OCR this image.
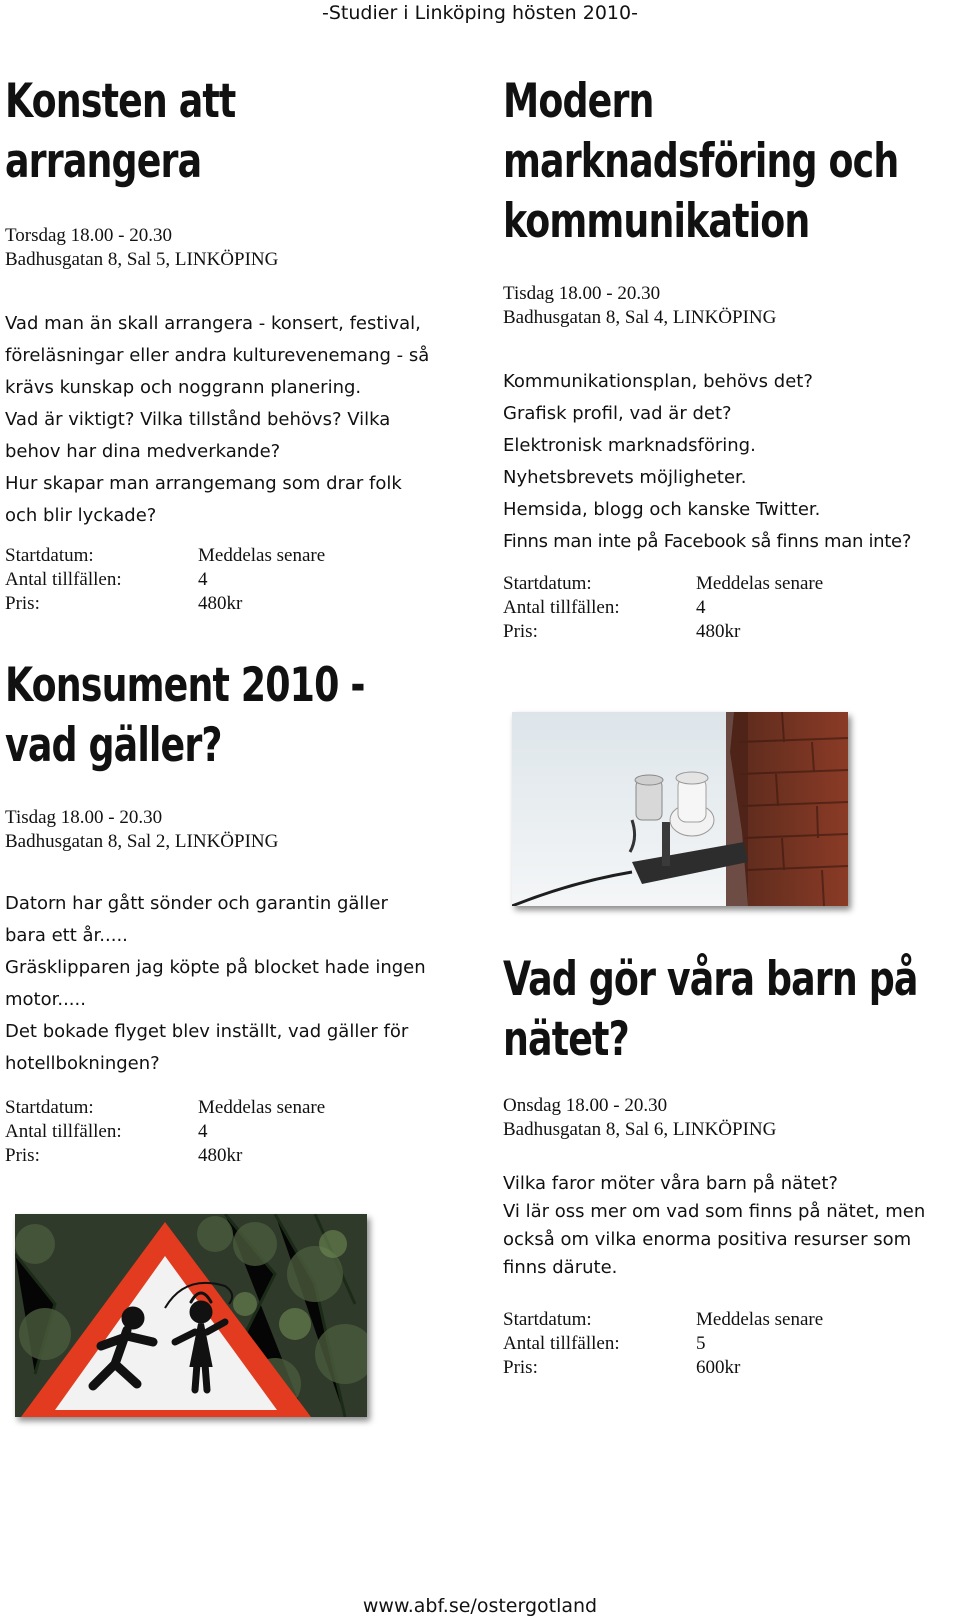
-Studier i Linköping hösten 2010-
Konsten att
arrangera
Torsdag 18.00 - 20.30
Badhusgatan 8, Sal 5, LINKÖPING
Vad man än skall arrangera - konsert, festival,
föreläsningar eller andra kulturevenemang - så
krävs kunskap och noggrann planering.
Vad är viktigt? Vilka tillstånd behövs? Vilka
behov har dina medverkande?
Hur skapar man arrangemang som drar folk
och blir lyckade?
Startdatum:	Meddelas senare
Antal tillfällen:	4
Pris:	480kr
Modern
marknadsföring och
kommunikation
Tisdag 18.00 - 20.30
Badhusgatan 8, Sal 4, LINKÖPING
Kommunikationsplan, behövs det?
Grafisk profil, vad är det?
Elektronisk marknadsföring.
Nyhetsbrevets möjligheter.
Hemsida, blogg och kanske Twitter.
Finns man inte på Facebook så finns man inte?
Startdatum:	Meddelas senare
Antal tillfällen:	4
Pris:	480kr
Konsument 2010 -
vad gäller?
Tisdag 18.00 - 20.30
Badhusgatan 8, Sal 2, LINKÖPING
Datorn har gått sönder och garantin gäller
bara ett år.....
Gräsklipparen jag köpte på blocket hade ingen
motor.....
Det bokade flyget blev inställt, vad gäller för
hotellbokningen?
Startdatum:	Meddelas senare
Antal tillfällen:	4
Pris:	480kr
Vad gör våra barn på
nätet?
Onsdag 18.00 - 20.30
Badhusgatan 8, Sal 6, LINKÖPING
Vilka faror möter våra barn på nätet?
Vi lär oss mer om vad som finns på nätet, men
också om vilka enorma positiva resurser som
finns därute.
Startdatum:	Meddelas senare
Antal tillfällen:	5
Pris:	600kr
www.abf.se/ostergotland
